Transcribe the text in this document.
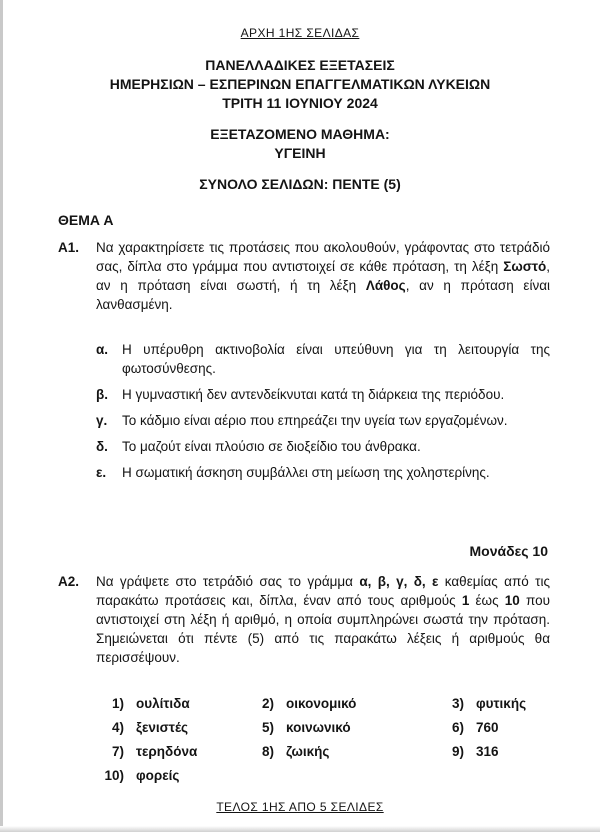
ΑΡΧΗ 1ΗΣ ΣΕΛΙΔΑΣ
ΠΑΝΕΛΛΑΔΙΚΕΣ ΕΞΕΤΑΣΕΙΣ
ΗΜΕΡΗΣΙΩΝ – ΕΣΠΕΡΙΝΩΝ ΕΠΑΓΓΕΛΜΑΤΙΚΩΝ ΛΥΚΕΙΩΝ
ΤΡΙΤΗ 11 ΙΟΥΝΙΟΥ 2024
ΕΞΕΤΑΖΟΜΕΝΟ ΜΑΘΗΜΑ:
ΥΓΕΙΝΗ
ΣΥΝΟΛΟ ΣΕΛΙΔΩΝ: ΠΕΝΤΕ (5)
ΘΕΜΑ Α
Α1. Να χαρακτηρίσετε τις προτάσεις που ακολουθούν, γράφοντας στο τετράδιό σας, δίπλα στο γράμμα που αντιστοιχεί σε κάθε πρόταση, τη λέξη Σωστό, αν η πρόταση είναι σωστή, ή τη λέξη Λάθος, αν η πρόταση είναι λανθασμένη.
α. Η υπέρυθρη ακτινοβολία είναι υπεύθυνη για τη λειτουργία της φωτοσύνθεσης.
β. Η γυμναστική δεν αντενδείκνυται κατά τη διάρκεια της περιόδου.
γ. Το κάδμιο είναι αέριο που επηρεάζει την υγεία των εργαζομένων.
δ. Το μαζούτ είναι πλούσιο σε διοξείδιο του άνθρακα.
ε. Η σωματική άσκηση συμβάλλει στη μείωση της χοληστερίνης.
Μονάδες 10
Α2. Να γράψετε στο τετράδιό σας το γράμμα α, β, γ, δ, ε καθεμίας από τις παρακάτω προτάσεις και, δίπλα, έναν από τους αριθμούς 1 έως 10 που αντιστοιχεί στη λέξη ή αριθμό, η οποία συμπληρώνει σωστά την πρόταση. Σημειώνεται ότι πέντε (5) από τις παρακάτω λέξεις ή αριθμούς θα περισσέψουν.
1) ουλίτιδα	2) οικονομικό	3) φυτικής
4) ξενιστές	5) κοινωνικό	6) 760
7) τερηδόνα	8) ζωικής	9) 316
10) φορείς
ΤΕΛΟΣ 1ΗΣ ΑΠΟ 5 ΣΕΛΙΔΕΣ
